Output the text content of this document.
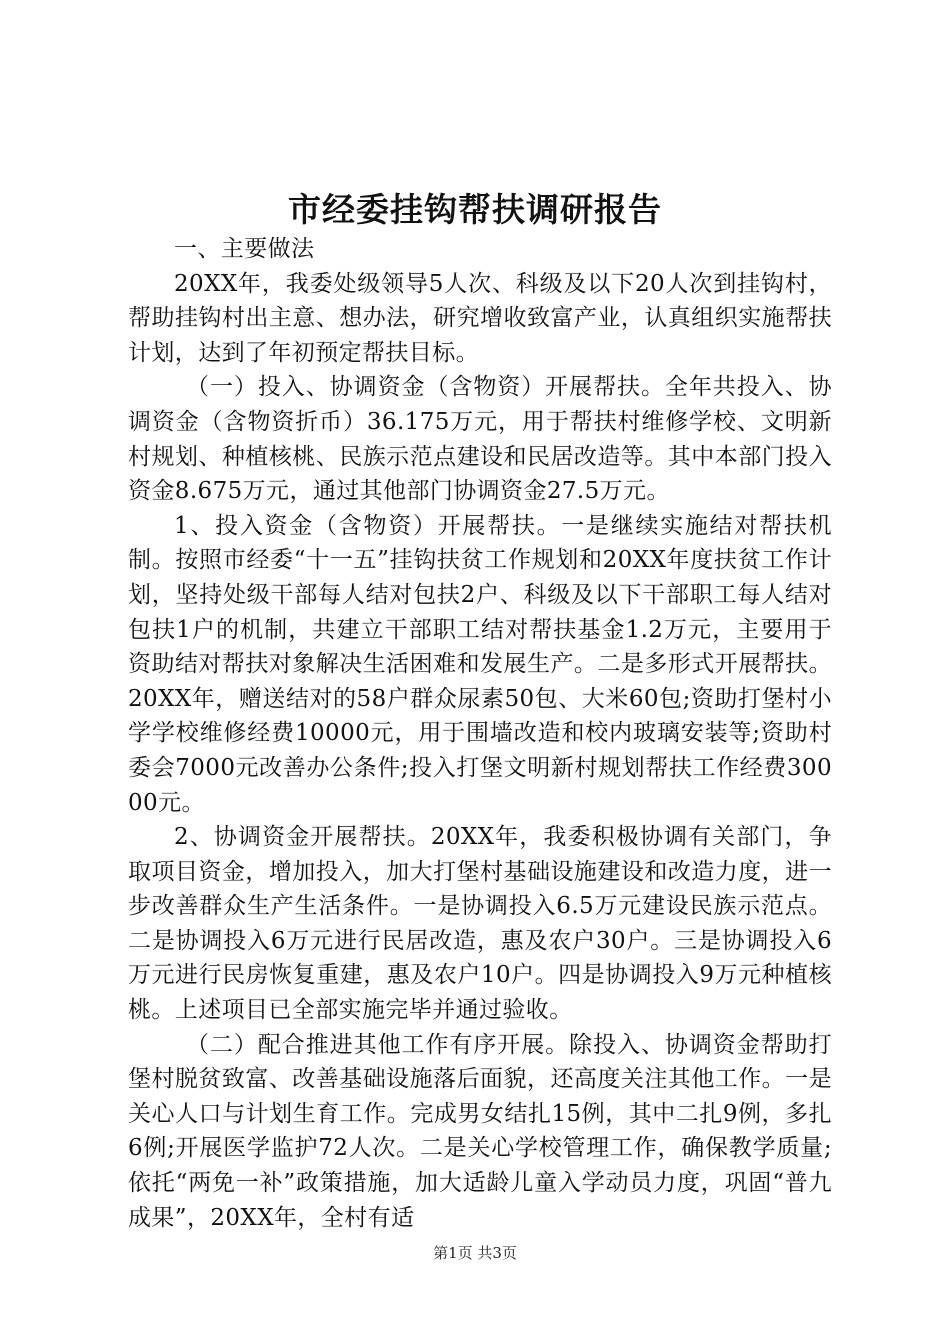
市经委挂钩帮扶调研报告

一、主要做法

20XX年，我委处级领导5人次、科级及以下20人次到挂钩村，帮助挂钩村出主意、想办法，研究增收致富产业，认真组织实施帮扶计划，达到了年初预定帮扶目标。

（一）投入、协调资金（含物资）开展帮扶。全年共投入、协调资金（含物资折币）36.175万元，用于帮扶村维修学校、文明新村规划、种植核桃、民族示范点建设和民居改造等。其中本部门投入资金8.675万元，通过其他部门协调资金27.5万元。

1、投入资金（含物资）开展帮扶。一是继续实施结对帮扶机制。按照市经委“十一五”挂钩扶贫工作规划和20XX年度扶贫工作计划，坚持处级干部每人结对包扶2户、科级及以下干部职工每人结对包扶1户的机制，共建立干部职工结对帮扶基金1.2万元，主要用于资助结对帮扶对象解决生活困难和发展生产。二是多形式开展帮扶。20XX年，赠送结对的58户群众尿素50包、大米60包;资助打堡村小学学校维修经费10000元，用于围墙改造和校内玻璃安装等;资助村委会7000元改善办公条件;投入打堡文明新村规划帮扶工作经费30000元。

2、协调资金开展帮扶。20XX年，我委积极协调有关部门，争取项目资金，增加投入，加大打堡村基础设施建设和改造力度，进一步改善群众生产生活条件。一是协调投入6.5万元建设民族示范点。二是协调投入6万元进行民居改造，惠及农户30户。三是协调投入6万元进行民房恢复重建，惠及农户10户。四是协调投入9万元种植核桃。上述项目已全部实施完毕并通过验收。

（二）配合推进其他工作有序开展。除投入、协调资金帮助打堡村脱贫致富、改善基础设施落后面貌，还高度关注其他工作。一是关心人口与计划生育工作。完成男女结扎15例，其中二扎9例，多扎6例;开展医学监护72人次。二是关心学校管理工作，确保教学质量;依托“两免一补”政策措施，加大适龄儿童入学动员力度，巩固“普九成果”，20XX年，全村有适

第1页 共3页
